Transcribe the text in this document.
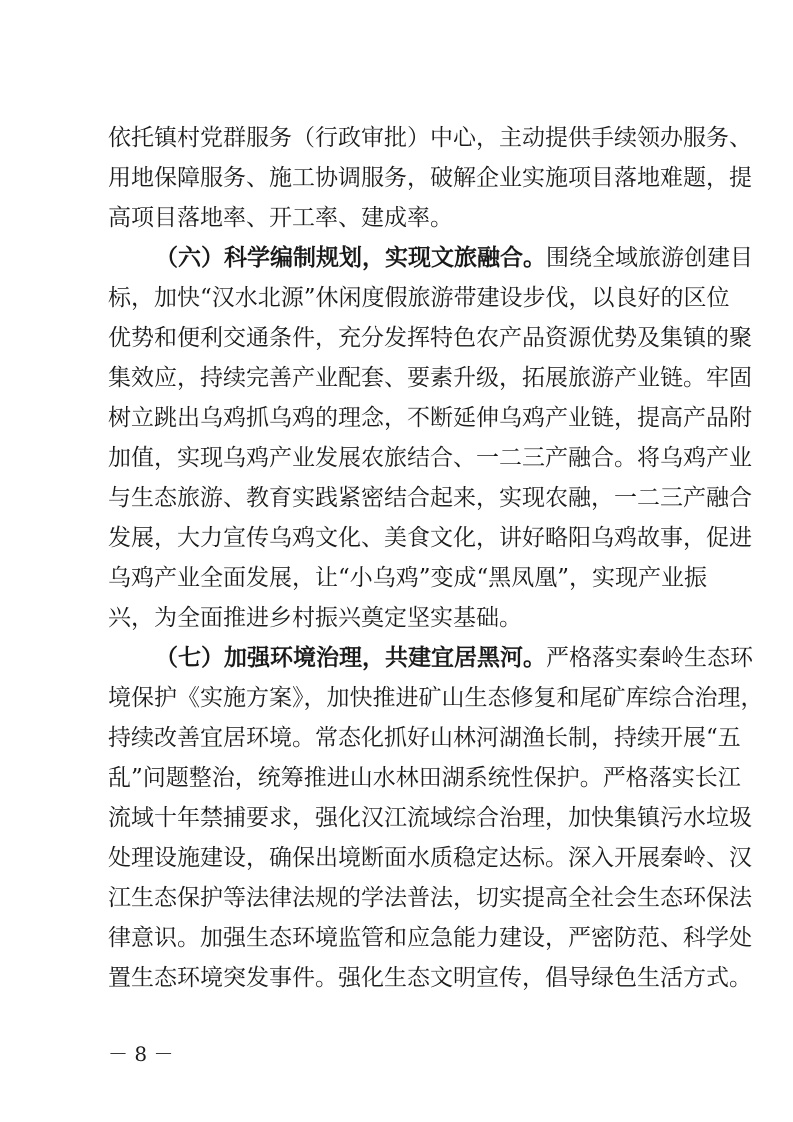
依托镇村党群服务（行政审批）中心，主动提供手续领办服务、
用地保障服务、施工协调服务，破解企业实施项目落地难题，提
高项目落地率、开工率、建成率。
（六）科学编制规划，实现文旅融合。围绕全域旅游创建目
标，加快“汉水北源”休闲度假旅游带建设步伐，以良好的区位
优势和便利交通条件，充分发挥特色农产品资源优势及集镇的聚
集效应，持续完善产业配套、要素升级，拓展旅游产业链。牢固
树立跳出乌鸡抓乌鸡的理念，不断延伸乌鸡产业链，提高产品附
加值，实现乌鸡产业发展农旅结合、一二三产融合。将乌鸡产业
与生态旅游、教育实践紧密结合起来，实现农融，一二三产融合
发展，大力宣传乌鸡文化、美食文化，讲好略阳乌鸡故事，促进
乌鸡产业全面发展，让“小乌鸡”变成“黑凤凰”，实现产业振
兴，为全面推进乡村振兴奠定坚实基础。
（七）加强环境治理，共建宜居黑河。严格落实秦岭生态环
境保护《实施方案》，加快推进矿山生态修复和尾矿库综合治理，
持续改善宜居环境。常态化抓好山林河湖渔长制，持续开展“五
乱”问题整治，统筹推进山水林田湖系统性保护。严格落实长江
流域十年禁捕要求，强化汉江流域综合治理，加快集镇污水垃圾
处理设施建设，确保出境断面水质稳定达标。深入开展秦岭、汉
江生态保护等法律法规的学法普法，切实提高全社会生态环保法
律意识。加强生态环境监管和应急能力建设，严密防范、科学处
置生态环境突发事件。强化生态文明宣传，倡导绿色生活方式。
－ 8 －
